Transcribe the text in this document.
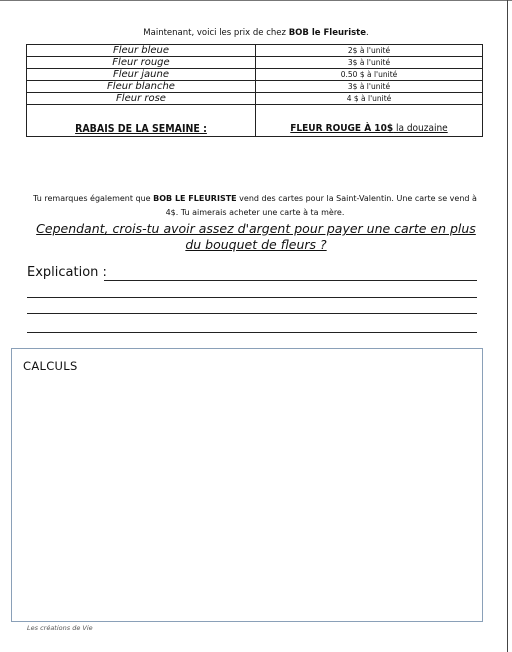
Maintenant, voici les prix de chez BOB le Fleuriste.
Fleur bleue	2$ à l'unité
Fleur rouge	3$ à l'unité
Fleur jaune	0.50 $ à l'unité
Fleur blanche	3$ à l'unité
Fleur rose	4 $ à l'unité
RABAIS DE LA SEMAINE :	FLEUR ROUGE À 10$ la douzaine
Tu remarques également que BOB LE FLEURISTE vend des cartes pour la Saint-Valentin. Une carte se vend à 4$. Tu aimerais acheter une carte à ta mère.
Cependant, crois-tu avoir assez d'argent pour payer une carte en plus du bouquet de fleurs ?
Explication :
CALCULS
Les créations de Vie
